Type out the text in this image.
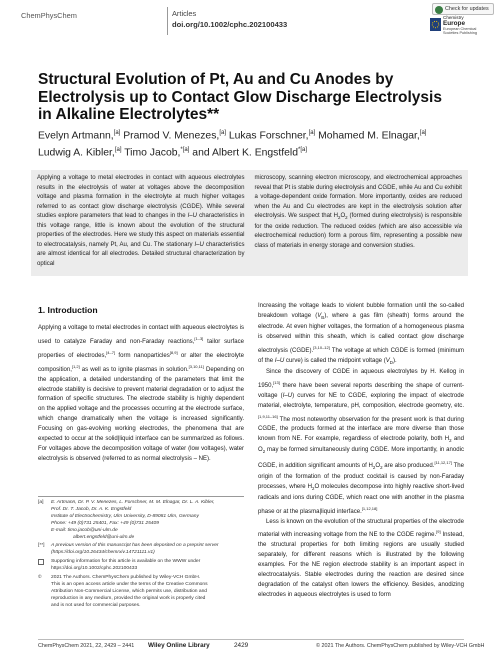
ChemPhysChem	Articles
doi.org/10.1002/cphc.202100433
Check for updates
Chemistry
Europe
European Chemical
Societies Publishing
Structural Evolution of Pt, Au and Cu Anodes by Electrolysis up to Contact Glow Discharge Electrolysis in Alkaline Electrolytes**
Evelyn Artmann,[a] Pramod V. Menezes,[a] Lukas Forschner,[a] Mohamed M. Elnagar,[a]
Ludwig A. Kibler,[a] Timo Jacob,$^{*[a]}$ and Albert K. Engstfeld$^{*[a]}$
Applying a voltage to metal electrodes in contact with aqueous electrolytes results in the electrolysis of water at voltages above the decomposition voltage and plasma formation in the electrolyte at much higher voltages referred to as contact glow discharge electrolysis (CGDE). While several studies explore parameters that lead to changes in the I–U characteristics in this voltage range, little is known about the evolution of the structural properties of the electrodes. Here we study this aspect on materials essential to electrocatalysis, namely Pt, Au, and Cu. The stationary I–U characteristics are almost identical for all electrodes. Detailed structural characterization by optical
microscopy, scanning electron microscopy, and electrochemical approaches reveal that Pt is stable during electrolysis and CGDE, while Au and Cu exhibit a voltage-dependent oxide formation. More importantly, oxides are reduced when the Au and Cu electrodes are kept in the electrolysis solution after electrolysis. We suspect that $H_2O_2$ (formed during electrolysis) is responsible for the oxide reduction. The reduced oxides (which are also accessible via electrochemical reduction) form a porous film, representing a possible new class of materials in energy storage and conversion studies.
1. Introduction
Applying a voltage to metal electrodes in contact with aqueous electrolytes is used to catalyze Faraday and non-Faraday reactions,[1–3] tailor surface properties of electrodes,[4–7] form nanoparticles[8,9] or alter the electrolyte composition,[1,2] as well as to ignite plasmas in solution.[3,10,11] Depending on the application, a detailed understanding of the parameters that limit the electrode stability is decisive to prevent material degradation or to adjust the formation of specific structures. The electrode stability is highly dependent on the applied voltage and the processes occurring at the electrode surface, which change dramatically when the voltage is increased significantly. Focusing on gas-evolving working electrodes, the phenomena that are expected to occur at the solid|liquid interface can be summarized as follows. For voltages above the decomposition voltage of water (low voltages), water electrolysis is observed (referred to as normal electrolysis – NE).

Increasing the voltage leads to violent bubble formation until the so-called breakdown voltage $(V_B)$, where a gas film (sheath) forms around the electrode. At even higher voltages, the formation of a homogeneous plasma is observed within this sheath, which is called contact glow discharge electrolysis (CGDE).[3,10–12] The voltage at which CGDE is formed (minimum of the I–U curve) is called the midpoint voltage $(V_D)$.

Since the discovery of CGDE in aqueous electrolytes by H. Kellog in 1950,[13] there have been several reports describing the shape of current-voltage (I–U) curves for NE to CGDE, exploring the impact of electrode material, electrolyte, temperature, pH, composition, electrode geometry, etc.[1,9,11–16] The most noteworthy observation for the present work is that during CGDE, the products formed at the interface are more diverse than those known from NE. For example, regardless of electrode polarity, both $H_2$ and $O_2$ may be formed simultaneously during CGDE. More importantly, in anodic CGDE, in addition significant amounts of $H_2O_2$ are also produced.[11,12,17] The origin of the formation of the product cocktail is caused by non-Faraday processes, where $H_2O$ molecules decompose into highly reactive short-lived radicals and ions during CGDE, which react one with another in the plasma phase or at the plasma|liquid interface.[1,12,18]

Less is known on the evolution of the structural properties of the electrode material with increasing voltage from the NE to the CGDE regime.[9] Instead, the structural properties for both limiting regions are usually studied separately, for different reasons which is illustrated by the following examples. For the NE region electrode stability is an important aspect in electrocatalysis. Stable electrodes during the reaction are desired since degradation of the catalyst often lowers the efficiency. Besides, anodizing electrodes in aqueous electrolytes is used to form

[a]	E. Artmann, Dr. P. V. Menezes, L. Forschner, M. M. Elnagar, Dr. L. A. Kibler,
Prof. Dr. T. Jacob, Dr. A. K. Engstfeld
Institute of Electrochemistry, Ulm University, D-89081 Ulm, Germany
Phone: +49 (0)731 25401, Fax: +49 (0)731 25409
E-mail: timo.jacob@uni-ulm.de
albert.engstfeld@uni-ulm.de
[**]	A previous version of this manuscript has been deposited on a preprint server
(https://doi.org/10.26434/chemrxiv.14721111.v1)
Supporting information for this article is available on the WWW under
https://doi.org/10.1002/cphc.202100433
©	2021 The Authors. ChemPhysChem published by Wiley-VCH GmbH.
This is an open access article under the terms of the Creative Commons
Attribution Non-Commercial License, which permits use, distribution and
reproduction in any medium, provided the original work is properly cited
and is not used for commercial purposes.
ChemPhysChem 2021, 22, 2429 – 2441 Wiley Online Library	2429	© 2021 The Authors. ChemPhysChem published by Wiley-VCH GmbH
